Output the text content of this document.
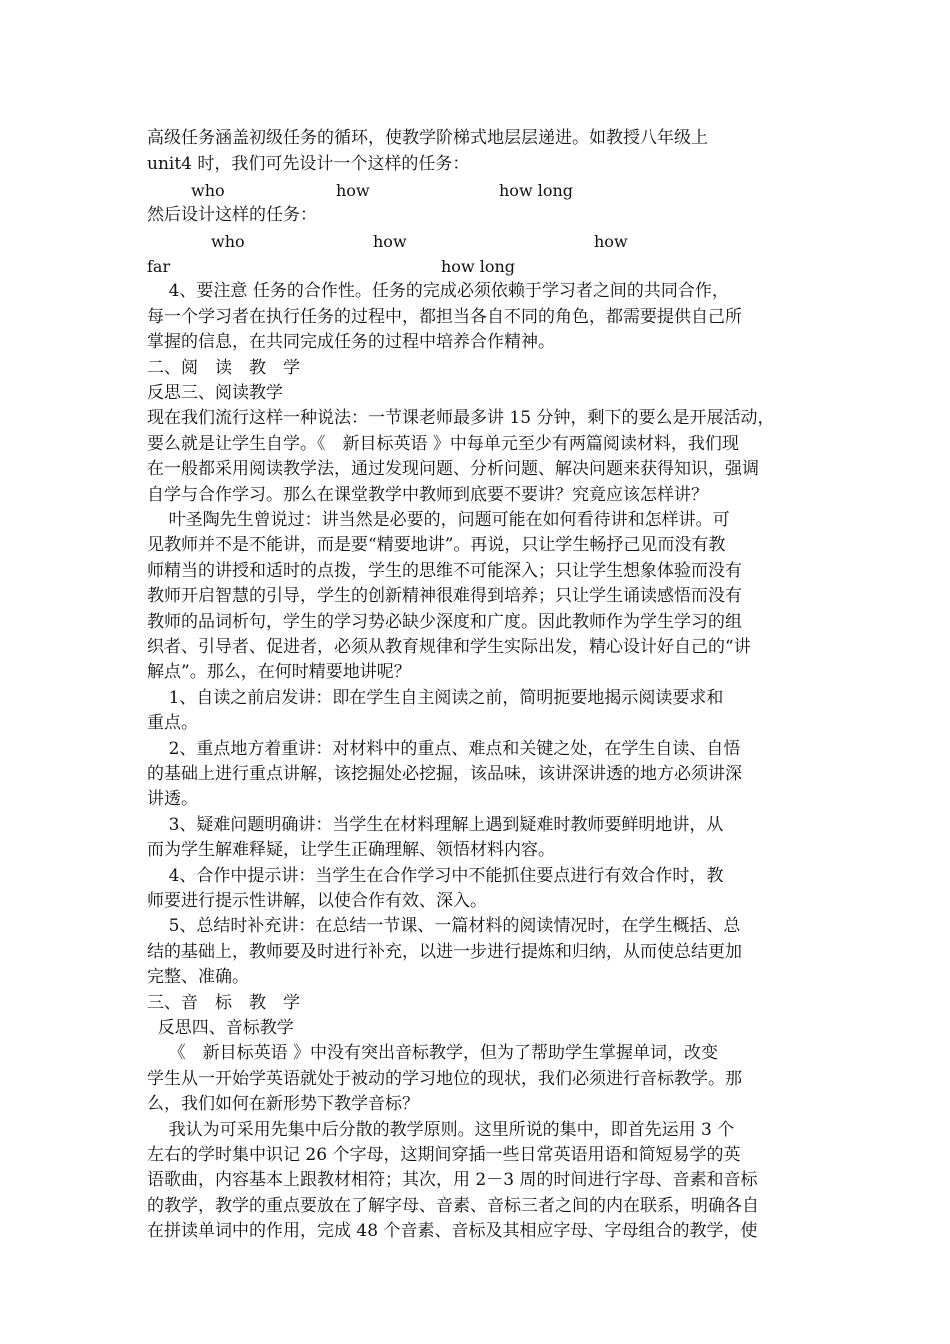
高级任务涵盖初级任务的循环，使教学阶梯式地层层递进。如教授八年级上
unit4 时，我们可先设计一个这样的任务：
who	how	how long
然后设计这样的任务：
who	how	how
far	how long
4、要注意 任务的合作性。任务的完成必须依赖于学习者之间的共同合作，
每一个学习者在执行任务的过程中，都担当各自不同的角色，都需要提供自己所
掌握的信息，在共同完成任务的过程中培养合作精神。
二、阅　读　教　学
反思三、阅读教学
现在我们流行这样一种说法：一节课老师最多讲 15 分钟，剩下的要么是开展活动，
要么就是让学生自学。《　新目标英语 》中每单元至少有两篇阅读材料，我们现
在一般都采用阅读教学法，通过发现问题、分析问题、解决问题来获得知识，强调
自学与合作学习。那么在课堂教学中教师到底要不要讲？究竟应该怎样讲？
叶圣陶先生曾说过：讲当然是必要的，问题可能在如何看待讲和怎样讲。可
见教师并不是不能讲，而是要“精要地讲”。再说，只让学生畅抒己见而没有教
师精当的讲授和适时的点拨，学生的思维不可能深入；只让学生想象体验而没有
教师开启智慧的引导，学生的创新精神很难得到培养；只让学生诵读感悟而没有
教师的品词析句，学生的学习势必缺少深度和广度。因此教师作为学生学习的组
织者、引导者、促进者，必须从教育规律和学生实际出发，精心设计好自己的“讲
解点”。那么，在何时精要地讲呢？
1、自读之前启发讲：即在学生自主阅读之前，简明扼要地揭示阅读要求和
重点。
2、重点地方着重讲：对材料中的重点、难点和关键之处，在学生自读、自悟
的基础上进行重点讲解，该挖掘处必挖掘，该品味，该讲深讲透的地方必须讲深
讲透。
3、疑难问题明确讲：当学生在材料理解上遇到疑难时教师要鲜明地讲，从
而为学生解难释疑，让学生正确理解、领悟材料内容。
4、合作中提示讲：当学生在合作学习中不能抓住要点进行有效合作时，教
师要进行提示性讲解，以使合作有效、深入。
5、总结时补充讲：在总结一节课、一篇材料的阅读情况时，在学生概括、总
结的基础上，教师要及时进行补充，以进一步进行提炼和归纳，从而使总结更加
完整、准确。
三、音　标　教　学
反思四、音标教学
《　新目标英语 》中没有突出音标教学，但为了帮助学生掌握单词，改变
学生从一开始学英语就处于被动的学习地位的现状，我们必须进行音标教学。那
么，我们如何在新形势下教学音标？
我认为可采用先集中后分散的教学原则。这里所说的集中，即首先运用 3 个
左右的学时集中识记 26 个字母，这期间穿插一些日常英语用语和简短易学的英
语歌曲，内容基本上跟教材相符；其次，用 2－3 周的时间进行字母、音素和音标
的教学，教学的重点要放在了解字母、音素、音标三者之间的内在联系，明确各自
在拼读单词中的作用，完成 48 个音素、音标及其相应字母、字母组合的教学，使
